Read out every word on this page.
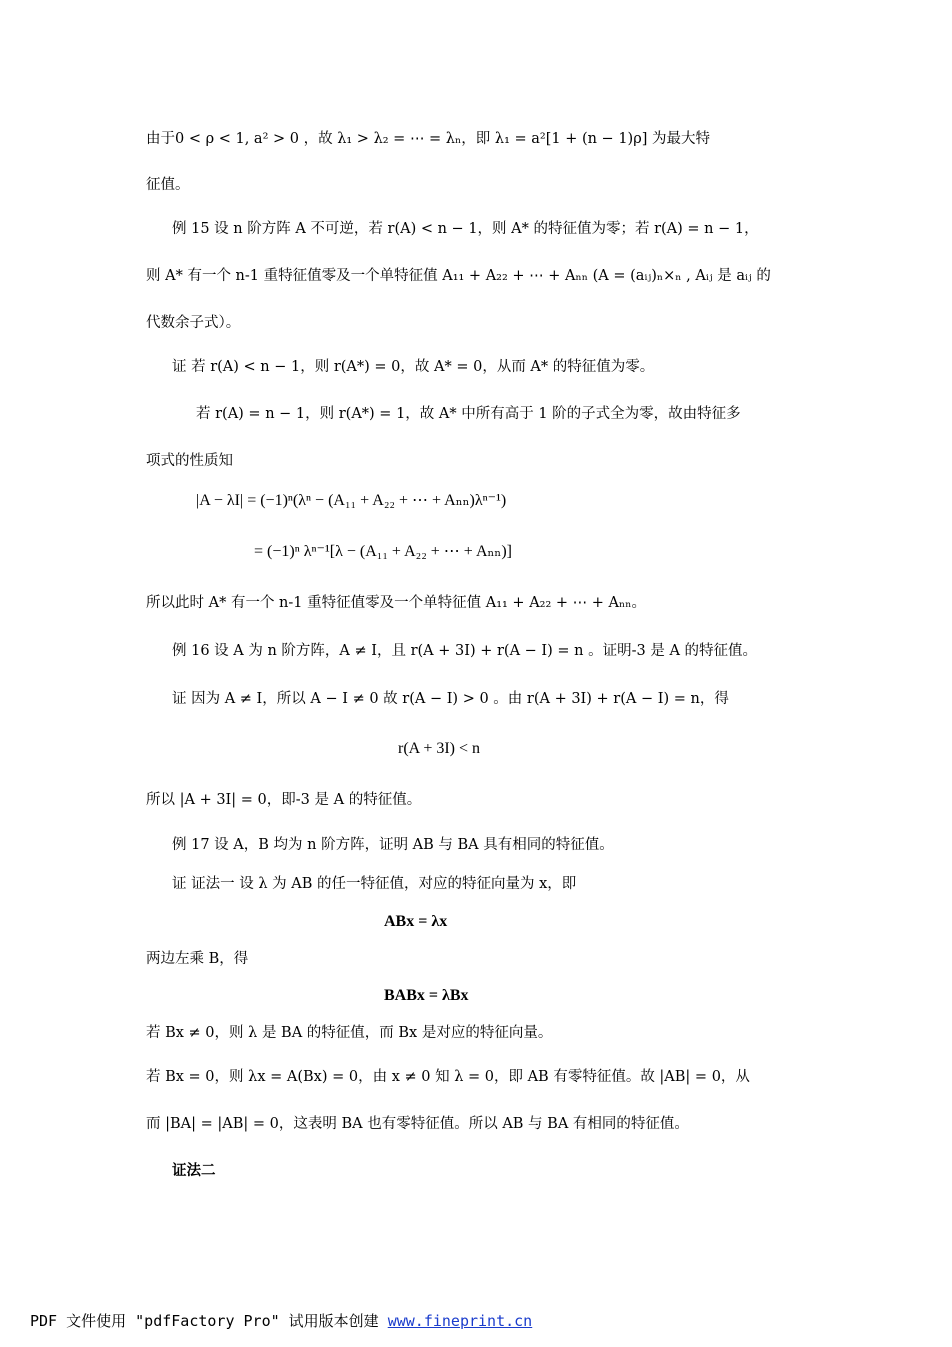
由于0 < ρ < 1, a² > 0 ，故 λ₁ > λ₂ = ⋯ = λₙ，即 λ₁ = a²[1 + (n − 1)ρ] 为最大特
征值。
例 15 设 n 阶方阵 A 不可逆，若 r(A) < n − 1，则 A* 的特征值为零；若 r(A) = n − 1，
则 A* 有一个 n-1 重特征值零及一个单特征值 A₁₁ + A₂₂ + ⋯ + Aₙₙ (A = (aᵢⱼ)ₙ×ₙ , Aᵢⱼ 是 aᵢⱼ 的
代数余子式）。
证 若 r(A) < n − 1，则 r(A*) = 0，故 A* = 0，从而 A* 的特征值为零。
若 r(A) = n − 1，则 r(A*) = 1，故 A* 中所有高于 1 阶的子式全为零，故由特征多
项式的性质知
|A − λI| = (−1)ⁿ(λⁿ − (A₁₁ + A₂₂ + ⋯ + Aₙₙ)λⁿ⁻¹)
= (−1)ⁿ λⁿ⁻¹[λ − (A₁₁ + A₂₂ + ⋯ + Aₙₙ)]
所以此时 A* 有一个 n-1 重特征值零及一个单特征值 A₁₁ + A₂₂ + ⋯ + Aₙₙ。
例 16 设 A 为 n 阶方阵，A ≠ I，且 r(A + 3I) + r(A − I) = n 。证明-3 是 A 的特征值。
证 因为 A ≠ I，所以 A − I ≠ 0 故 r(A − I) > 0 。由 r(A + 3I) + r(A − I) = n，得
r(A + 3I) < n
所以 |A + 3I| = 0，即-3 是 A 的特征值。
例 17 设 A，B 均为 n 阶方阵，证明 AB 与 BA 具有相同的特征值。
证 证法一 设 λ 为 AB 的任一特征值，对应的特征向量为 x，即
ABx = λx
两边左乘 B，得
BABx = λBx
若 Bx ≠ 0，则 λ 是 BA 的特征值，而 Bx 是对应的特征向量。
若 Bx = 0，则 λx = A(Bx) = 0，由 x ≠ 0 知 λ = 0，即 AB 有零特征值。故 |AB| = 0，从
而 |BA| = |AB| = 0，这表明 BA 也有零特征值。所以 AB 与 BA 有相同的特征值。
证法二
PDF 文件使用 "pdfFactory Pro" 试用版本创建 www.fineprint.cn
